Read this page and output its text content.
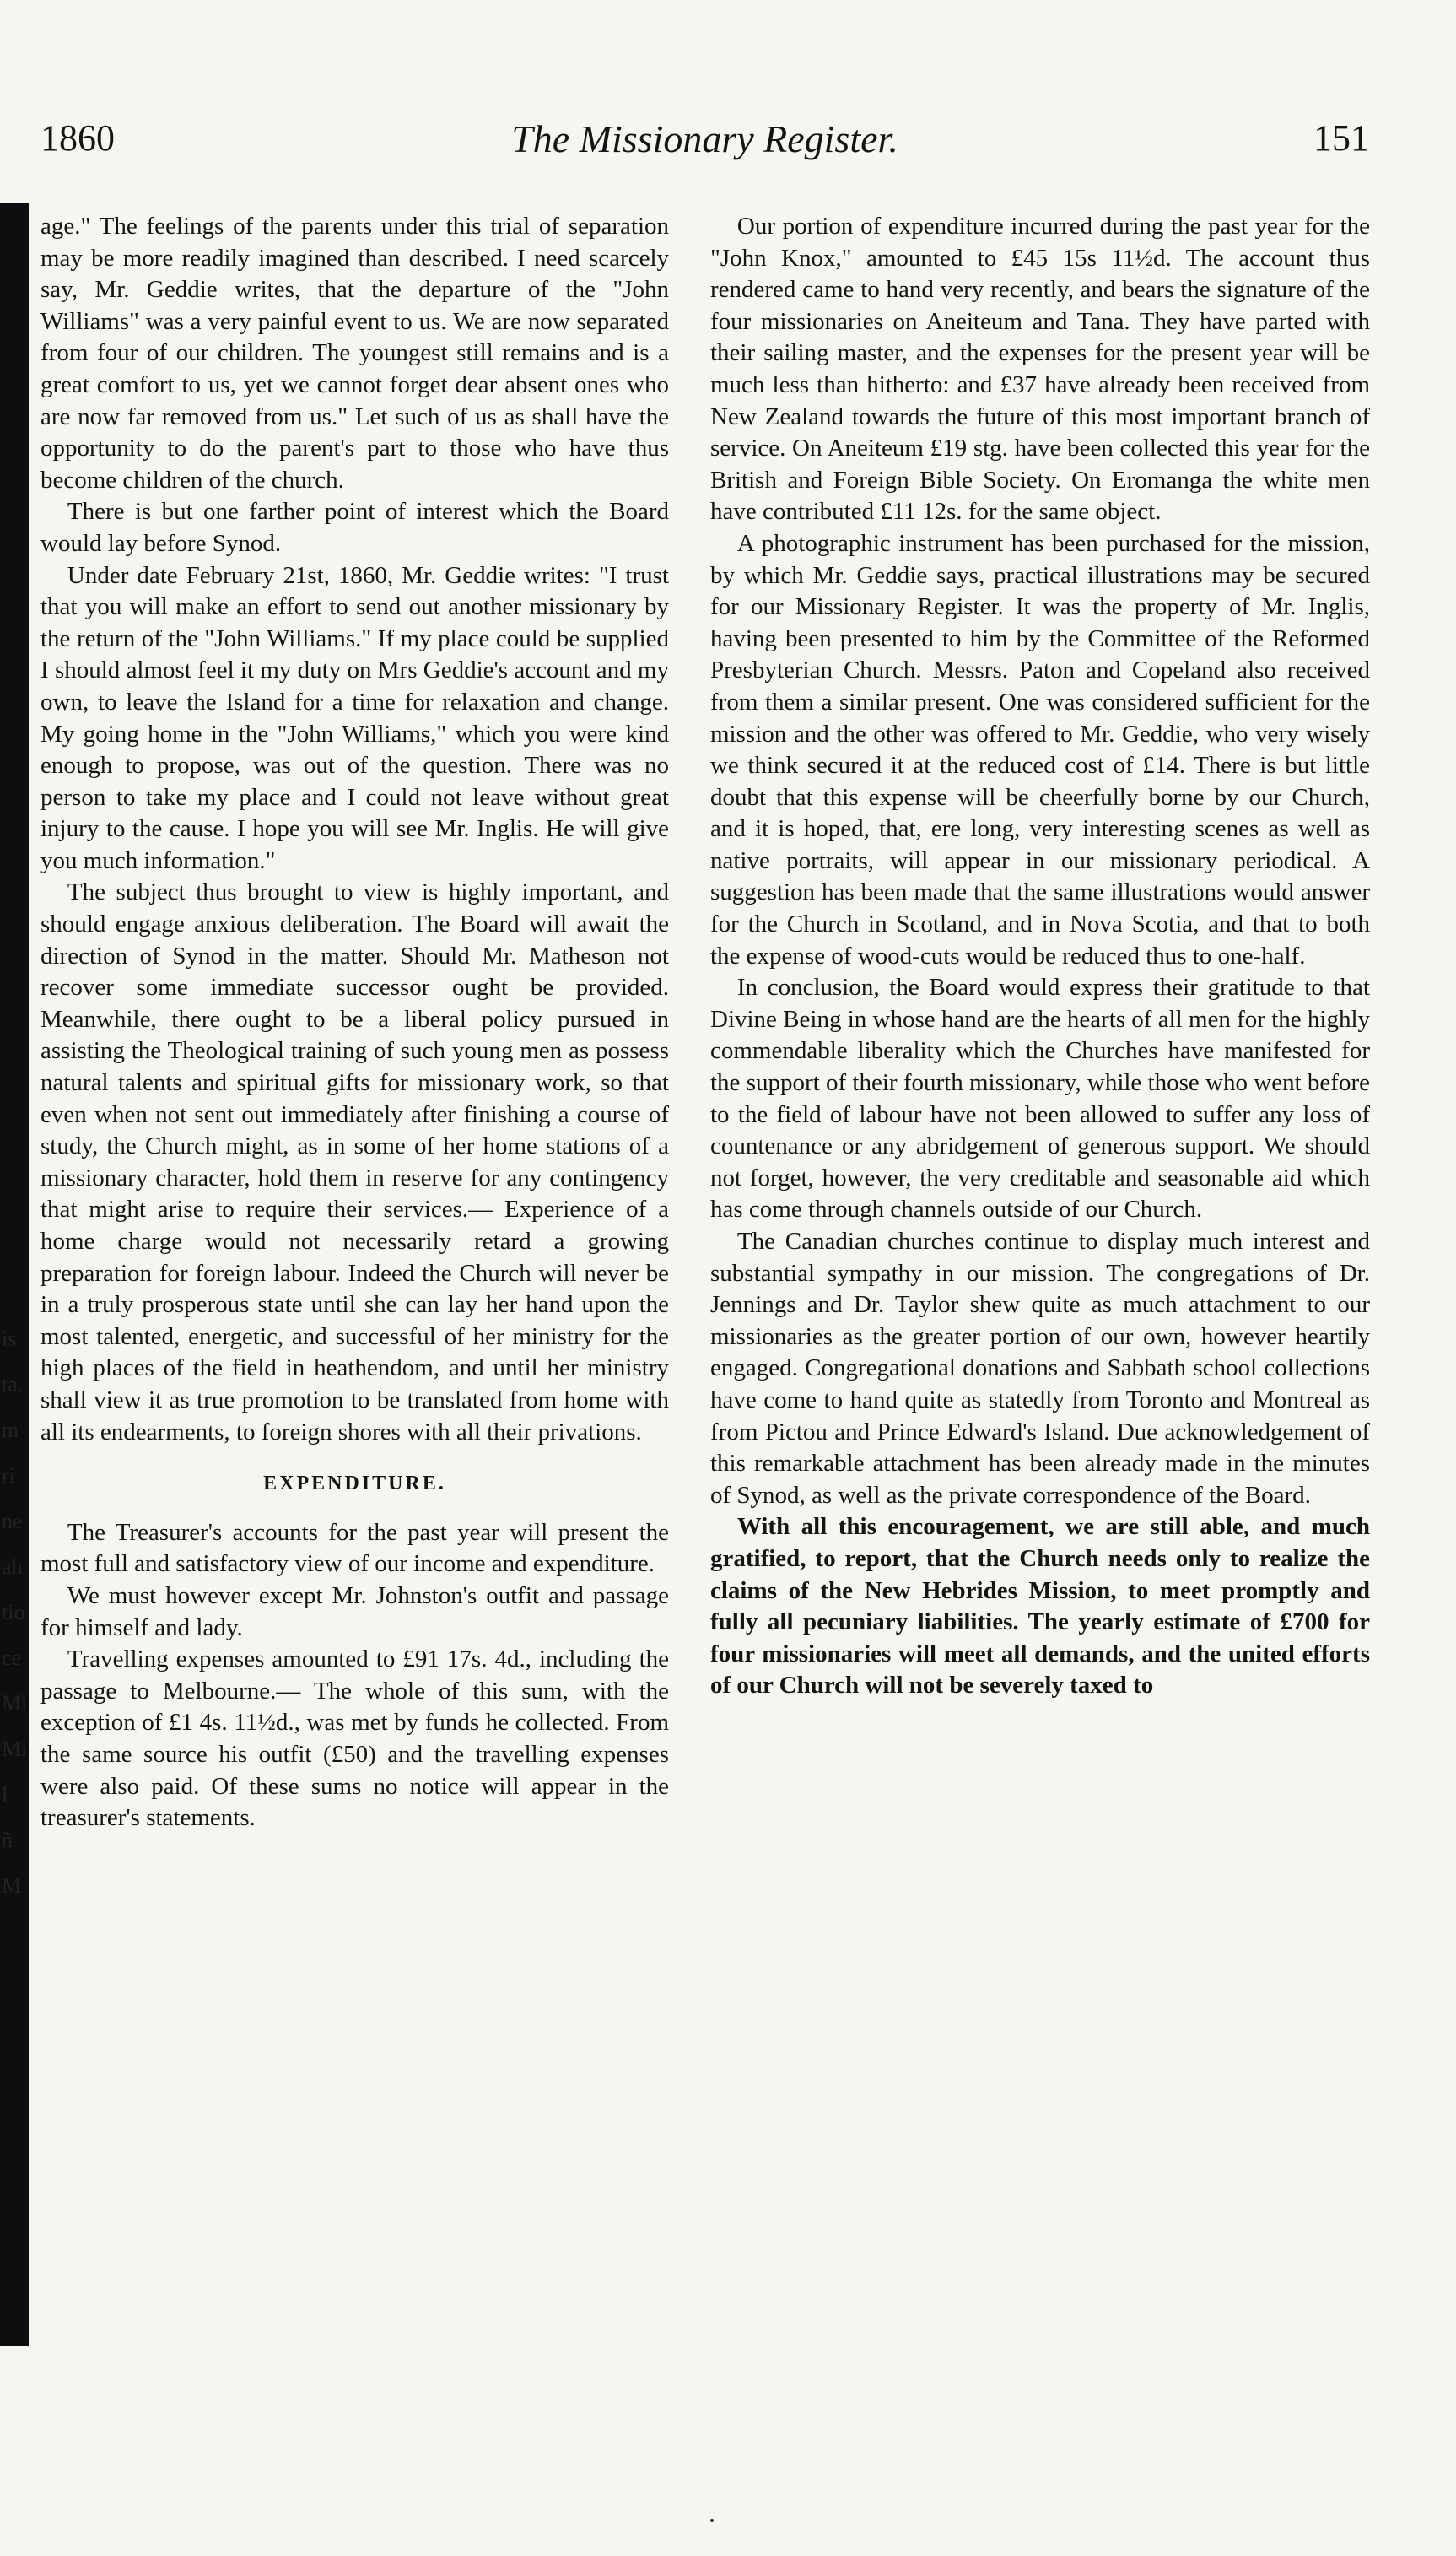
is
ta.
m
ri
ne
ah
tio
ce
Mi
Mi
l
ñ
M
1860	The Missionary Register.	151

age." The feelings of the parents under this trial of separation may be more readily imagined than described. I need scarcely say, Mr. Geddie writes, that the departure of the "John Williams" was a very painful event to us. We are now separated from four of our children. The youngest still remains and is a great comfort to us, yet we cannot forget dear absent ones who are now far removed from us." Let such of us as shall have the opportunity to do the parent's part to those who have thus become children of the church.

There is but one farther point of interest which the Board would lay before Synod.

Under date February 21st, 1860, Mr. Geddie writes: "I trust that you will make an effort to send out another missionary by the return of the "John Williams." If my place could be supplied I should almost feel it my duty on Mrs Geddie's account and my own, to leave the Island for a time for relaxation and change. My going home in the "John Williams," which you were kind enough to propose, was out of the question. There was no person to take my place and I could not leave without great injury to the cause. I hope you will see Mr. Inglis. He will give you much information."

The subject thus brought to view is highly important, and should engage anxious deliberation. The Board will await the direction of Synod in the matter. Should Mr. Matheson not recover some immediate successor ought be provided. Meanwhile, there ought to be a liberal policy pursued in assisting the Theological training of such young men as possess natural talents and spiritual gifts for missionary work, so that even when not sent out immediately after finishing a course of study, the Church might, as in some of her home stations of a missionary character, hold them in reserve for any contingency that might arise to require their services.— Experience of a home charge would not necessarily retard a growing preparation for foreign labour. Indeed the Church will never be in a truly prosperous state until she can lay her hand upon the most talented, energetic, and successful of her ministry for the high places of the field in heathendom, and until her ministry shall view it as true promotion to be translated from home with all its endearments, to foreign shores with all their privations.

EXPENDITURE.

The Treasurer's accounts for the past year will present the most full and satisfactory view of our income and expenditure.

We must however except Mr. Johnston's outfit and passage for himself and lady.

Travelling expenses amounted to £91 17s. 4d., including the passage to Melbourne.— The whole of this sum, with the exception of £1 4s. 11½d., was met by funds he collected. From the same source his outfit (£50) and the travelling expenses were also paid. Of these sums no notice will appear in the treasurer's statements.

Our portion of expenditure incurred during the past year for the "John Knox," amounted to £45 15s 11½d. The account thus rendered came to hand very recently, and bears the signature of the four missionaries on Aneiteum and Tana. They have parted with their sailing master, and the expenses for the present year will be much less than hitherto: and £37 have already been received from New Zealand towards the future of this most important branch of service. On Aneiteum £19 stg. have been collected this year for the British and Foreign Bible Society. On Eromanga the white men have contributed £11 12s. for the same object.

A photographic instrument has been purchased for the mission, by which Mr. Geddie says, practical illustrations may be secured for our Missionary Register. It was the property of Mr. Inglis, having been presented to him by the Committee of the Reformed Presbyterian Church. Messrs. Paton and Copeland also received from them a similar present. One was considered sufficient for the mission and the other was offered to Mr. Geddie, who very wisely we think secured it at the reduced cost of £14. There is but little doubt that this expense will be cheerfully borne by our Church, and it is hoped, that, ere long, very interesting scenes as well as native portraits, will appear in our missionary periodical. A suggestion has been made that the same illustrations would answer for the Church in Scotland, and in Nova Scotia, and that to both the expense of wood-cuts would be reduced thus to one-half.

In conclusion, the Board would express their gratitude to that Divine Being in whose hand are the hearts of all men for the highly commendable liberality which the Churches have manifested for the support of their fourth missionary, while those who went before to the field of labour have not been allowed to suffer any loss of countenance or any abridgement of generous support. We should not forget, however, the very creditable and seasonable aid which has come through channels outside of our Church.

The Canadian churches continue to display much interest and substantial sympathy in our mission. The congregations of Dr. Jennings and Dr. Taylor shew quite as much attachment to our missionaries as the greater portion of our own, however heartily engaged. Congregational donations and Sabbath school collections have come to hand quite as statedly from Toronto and Montreal as from Pictou and Prince Edward's Island. Due acknowledgement of this remarkable attachment has been already made in the minutes of Synod, as well as the private correspondence of the Board.

With all this encouragement, we are still able, and much gratified, to report, that the Church needs only to realize the claims of the New Hebrides Mission, to meet promptly and fully all pecuniary liabilities. The yearly estimate of £700 for four missionaries will meet all demands, and the united efforts of our Church will not be severely taxed to
